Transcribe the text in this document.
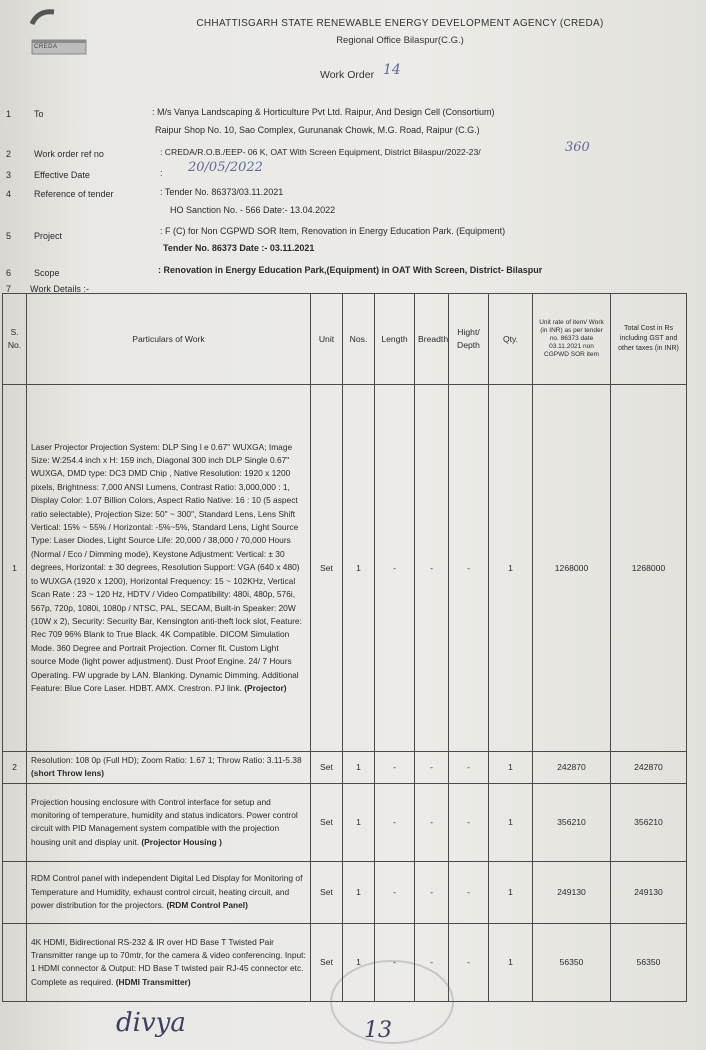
CREDA
CHHATTISGARH STATE RENEWABLE ENERGY DEVELOPMENT AGENCY (CREDA)
Regional Office Bilaspur(C.G.)
Work Order 14
1	To	: M/s Vanya Landscaping & Horticulture Pvt Ltd. Raipur, And Design Cell (Consortium)
Raipur Shop No. 10, Sao Complex, Gurunanak Chowk, M.G. Road, Raipur (C.G.)
2	Work order ref no	: CREDA/R.O.B./EEP- 06 K, OAT With Screen Equipment, District Bilaspur/2022-23/	360
3	Effective Date	:	20/05/2022
4	Reference of tender	: Tender No. 86373/03.11.2021
HO Sanction No. - 566 Date:- 13.04.2022
5	Project	: F (C) for Non CGPWD SOR Item, Renovation in Energy Education Park. (Equipment)
Tender No. 86373 Date :- 03.11.2021
6	Scope	: Renovation in Energy Education Park,(Equipment) in OAT With Screen, District- Bilaspur
7	Work Details :-
S. No.	Particulars of Work	Unit	Nos.	Length	Breadth	Hight/ Depth	Qty.	Unit rate of item/ Work (in INR) as per tender no. 86373 date 03.11.2021 non CGPWD SOR item	Total Cost in Rs including GST and other taxes (in INR)
1	Laser Projector Projection System: DLP Sing l e 0.67" WUXGA; Image Size: W:254.4 inch x H: 159 inch, Diagonal 300 inch DLP Single 0.67" WUXGA, DMD type: DC3 DMD Chip , Native Resolution: 1920 x 1200 pixels, Brightness: 7,000 ANSI Lumens, Contrast Ratio: 3,000,000 : 1, Display Color: 1.07 Billion Colors, Aspect Ratio Native: 16 : 10 (5 aspect ratio selectable), Projection Size: 50" ~ 300", Standard Lens, Lens Shift Vertical: 15% ~ 55% / Horizontal: -5%~5%, Standard Lens, Light Source Type: Laser Diodes, Light Source Life: 20,000 / 38,000 / 70,000 Hours (Normal / Eco / Dimming mode), Keystone Adjustment: Vertical: ± 30 degrees, Horizontal: ± 30 degrees, Resolution Support: VGA (640 x 480) to WUXGA (1920 x 1200), Horizontal Frequency: 15 ~ 102KHz, Vertical Scan Rate : 23 ~ 120 Hz, HDTV / Video Compatibility: 480i, 480p, 576i, 567p, 720p, 1080i, 1080p / NTSC, PAL, SECAM, Built-in Speaker: 20W (10W x 2), Security: Security Bar, Kensington anti-theft lock slot, Feature: Rec 709 96% Blank to True Black. 4K Compatible. DICOM Simulation Mode. 360 Degree and Portrait Projection. Corner fit. Custom Light source Mode (light power adjustment). Dust Proof Engine. 24/ 7 Hours Operating. FW upgrade by LAN. Blanking. Dynamic Dimming. Additional Feature: Blue Core Laser. HDBT. AMX. Crestron. PJ link. (Projector)	Set	1	-	-	-	1	1268000	1268000
2	Resolution: 108 0p (Full HD); Zoom Ratio: 1.67 1; Throw Ratio: 3.11-5.38 (short Throw lens)	Set	1	-	-	-	1	242870	242870
	Projection housing enclosure with Control interface for setup and monitoring of temperature, humidity and status indicators. Power control circuit with PID Management system compatible with the projection housing unit and display unit. (Projector Housing )	Set	1	-	-	-	1	356210	356210
	RDM Control panel with independent Digital Led Display for Monitoring of Temperature and Humidity, exhaust control circuit, heating circuit, and power distribution for the projectors. (RDM Control Panel)	Set	1	-	-	-	1	249130	249130
	4K HDMI, Bidirectional RS-232 & IR over HD Base T Twisted Pair Transmitter range up to 70mtr, for the camera & video conferencing. Input: 1 HDMI connector & Output: HD Base T twisted pair RJ-45 connector etc. Complete as required. (HDMI Transmitter)	Set	1	-	-	-	1	56350	56350
divya	13
